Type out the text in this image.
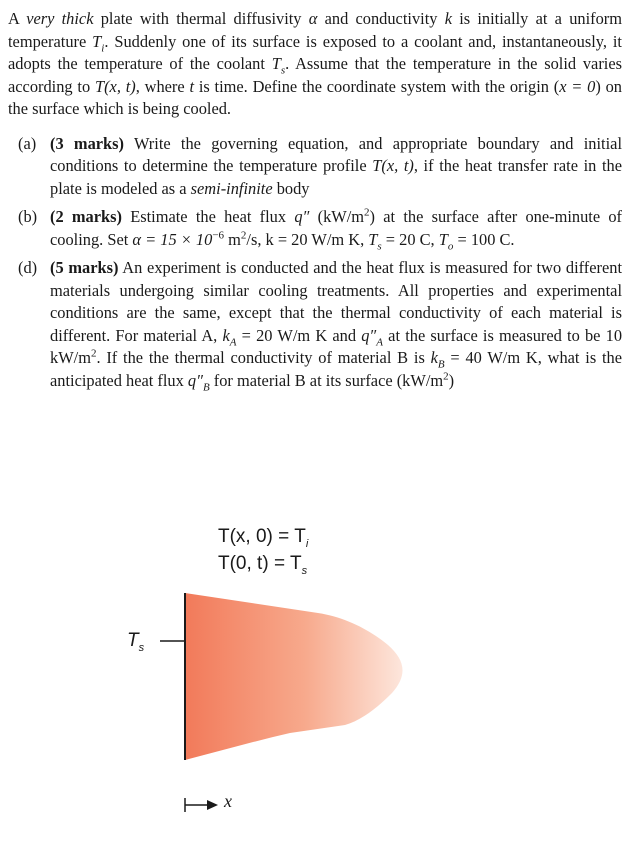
A very thick plate with thermal diffusivity α and conductivity k is initially at a uniform temperature $T_i$. Suddenly one of its surface is exposed to a coolant and, instantaneously, it adopts the temperature of the coolant $T_s$. Assume that the temperature in the solid varies according to T(x, t), where t is time. Define the coordinate system with the origin (x = 0) on the surface which is being cooled.

(a) (3 marks) Write the governing equation, and appropriate boundary and initial conditions to determine the temperature profile T(x, t), if the heat transfer rate in the plate is modeled as a semi-infinite body
(b) (2 marks) Estimate the heat flux q″ $(kW/m^2)$ at the surface after one-minute of cooling. Set $\alpha = 15 \times 10^{-6}$ $m^2/s$, k = 20 W/m K, $T_s = 20$ C, $T_o = 100$ C.
(d) (5 marks) An experiment is conducted and the heat flux is measured for two different materials undergoing similar cooling treatments. All properties and experimental conditions are the same, except that the thermal conductivity of each material is different. For material A, $k_A = 20$ W/m K and $q''_A$ at the surface is measured to be 10 $kW/m^2$. If the the thermal conductivity of material B is $k_B = 40$ W/m K, what is the anticipated heat flux $q''_B$ for material B at its surface $(kW/m^2)$
T(x, $0) = T_i$
T(0, $t) = T_s$
$T_s$
x
